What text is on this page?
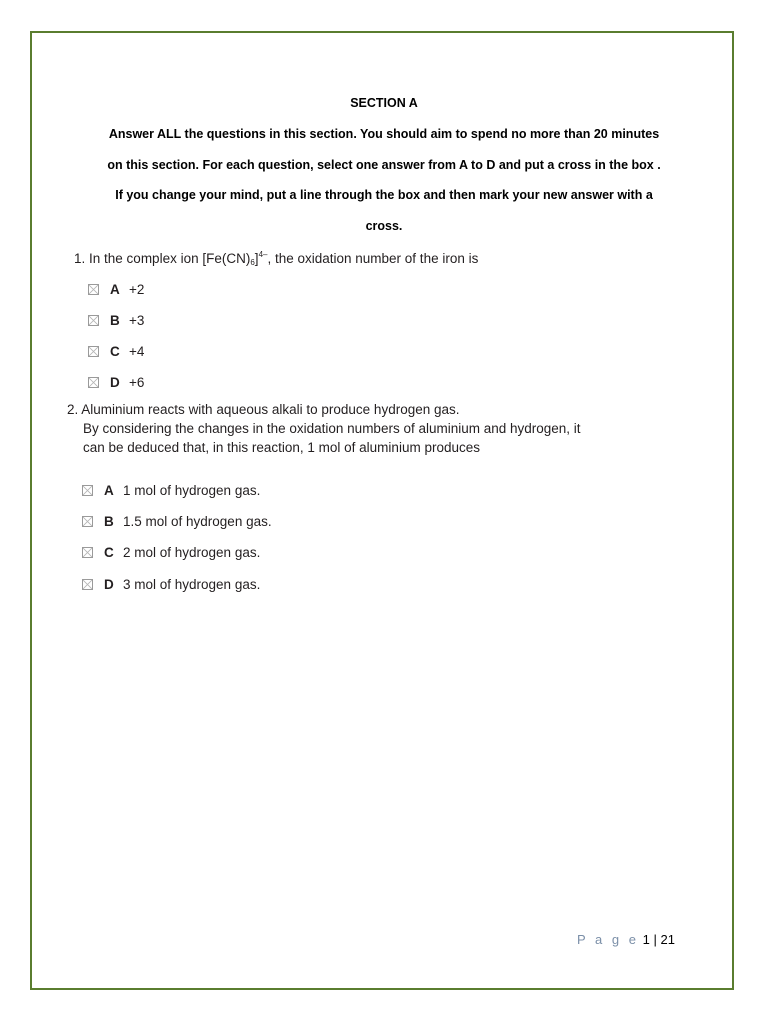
SECTION A
Answer ALL the questions in this section. You should aim to spend no more than 20 minutes
on this section. For each question, select one answer from A to D and put a cross in the box .
If you change your mind, put a line through the box and then mark your new answer with a
cross.
1. In the complex ion $[Fe(CN)_6]^{4-}$, the oxidation number of the iron is
A +2
B +3
C +4
D +6
2. Aluminium reacts with aqueous alkali to produce hydrogen gas.
By considering the changes in the oxidation numbers of aluminium and hydrogen, it
can be deduced that, in this reaction, 1 mol of aluminium produces
A 1 mol of hydrogen gas.
B 1.5 mol of hydrogen gas.
C 2 mol of hydrogen gas.
D 3 mol of hydrogen gas.
P a g e 1 | 21
